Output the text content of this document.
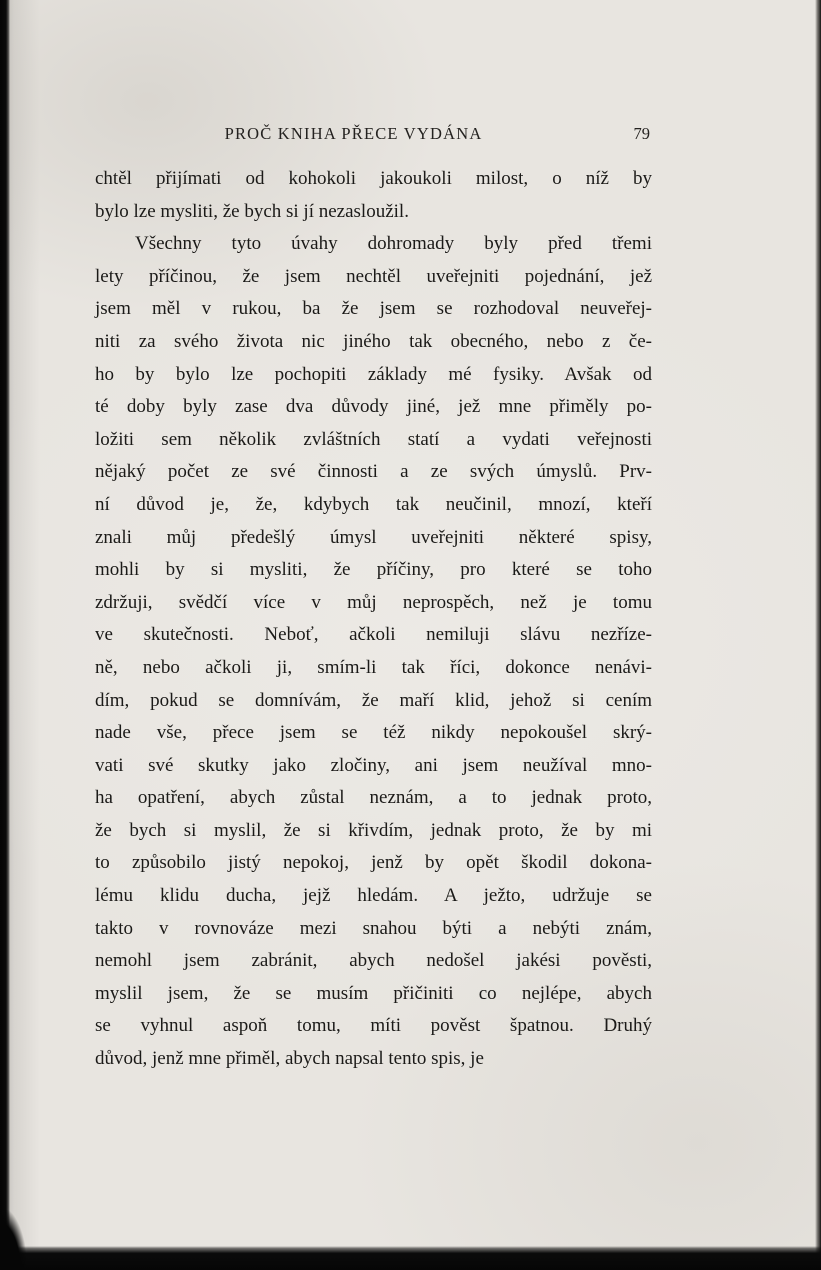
PROČ KNIHA PŘECE VYDÁNA	79
chtěl přijímati od kohokoli jakoukoli milost, o níž by
bylo lze mysliti, že bych si jí nezasloužil.
Všechny tyto úvahy dohromady byly před třemi
lety příčinou, že jsem nechtěl uveřejniti pojednání, jež
jsem měl v rukou, ba že jsem se rozhodoval neuveřej-
niti za svého života nic jiného tak obecného, nebo z če-
ho by bylo lze pochopiti základy mé fysiky. Avšak od
té doby byly zase dva důvody jiné, jež mne přiměly po-
ložiti sem několik zvláštních statí a vydati veřejnosti
nějaký počet ze své činnosti a ze svých úmyslů. Prv-
ní důvod je, že, kdybych tak neučinil, mnozí, kteří
znali můj předešlý úmysl uveřejniti některé spisy,
mohli by si mysliti, že příčiny, pro které se toho
zdržuji, svědčí více v můj neprospěch, než je tomu
ve skutečnosti. Neboť, ačkoli nemiluji slávu nezříze-
ně, nebo ačkoli ji, smím-li tak říci, dokonce nenávi-
dím, pokud se domnívám, že maří klid, jehož si cením
nade vše, přece jsem se též nikdy nepokoušel skrý-
vati své skutky jako zločiny, ani jsem neužíval mno-
ha opatření, abych zůstal neznám, a to jednak proto,
že bych si myslil, že si křivdím, jednak proto, že by mi
to způsobilo jistý nepokoj, jenž by opět škodil dokona-
lému klidu ducha, jejž hledám. A ježto, udržuje se
takto v rovnováze mezi snahou býti a nebýti znám,
nemohl jsem zabránit, abych nedošel jakési pověsti,
myslil jsem, že se musím přičiniti co nejlépe, abych
se vyhnul aspoň tomu, míti pověst špatnou. Druhý
důvod, jenž mne přiměl, abych napsal tento spis, je
